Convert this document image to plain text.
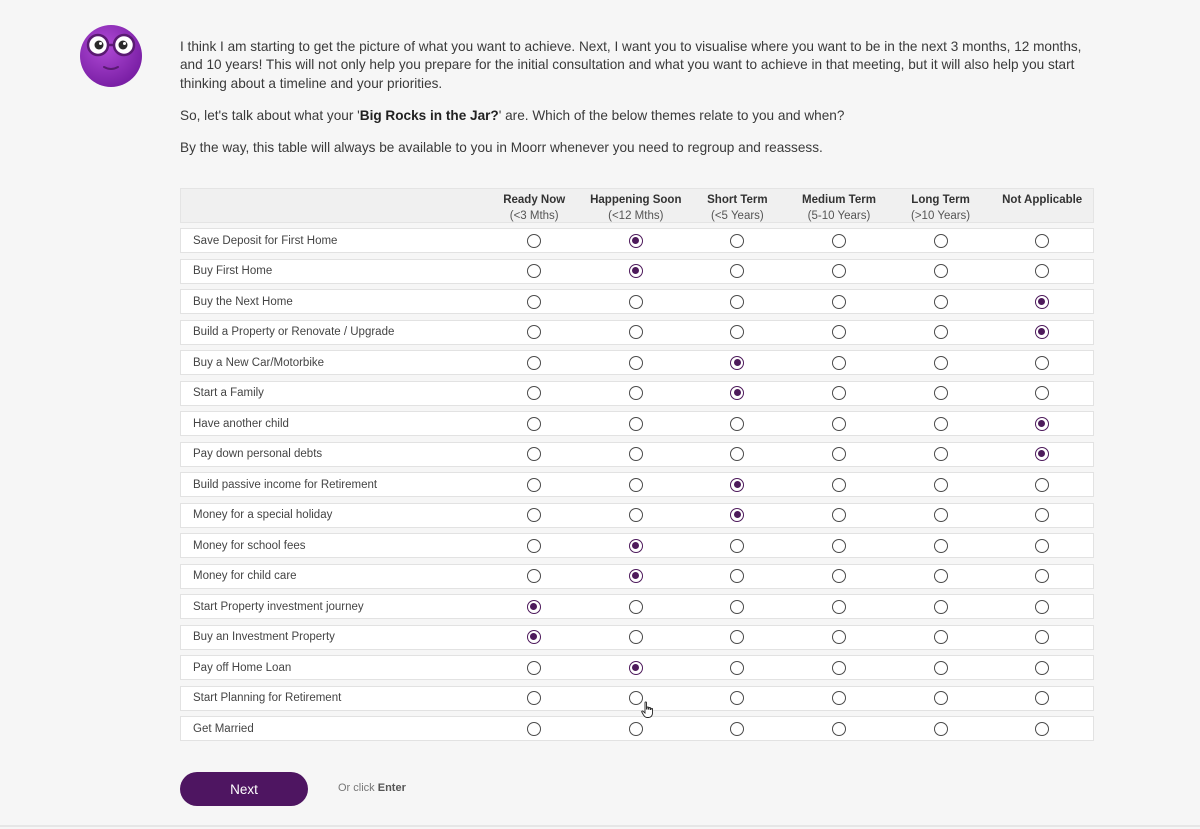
I think I am starting to get the picture of what you want to achieve. Next, I want you to visualise where you want to be in the next 3 months, 12 months, and 10 years! This will not only help you prepare for the initial consultation and what you want to achieve in that meeting, but it will also help you start thinking about a timeline and your priorities.

So, let's talk about what your 'Big Rocks in the Jar?' are. Which of the below themes relate to you and when?

By the way, this table will always be available to you in Moorr whenever you need to regroup and reassess.

Ready Now
(<3 Mths)
Happening Soon
(<12 Mths)
Short Term
(<5 Years)
Medium Term
(5-10 Years)
Long Term
(>10 Years)
Not Applicable
Save Deposit for First Home
Buy First Home
Buy the Next Home
Build a Property or Renovate / Upgrade
Buy a New Car/Motorbike
Start a Family
Have another child
Pay down personal debts
Build passive income for Retirement
Money for a special holiday
Money for school fees
Money for child care
Start Property investment journey
Buy an Investment Property
Pay off Home Loan
Start Planning for Retirement
Get Married
Next	Or click Enter
